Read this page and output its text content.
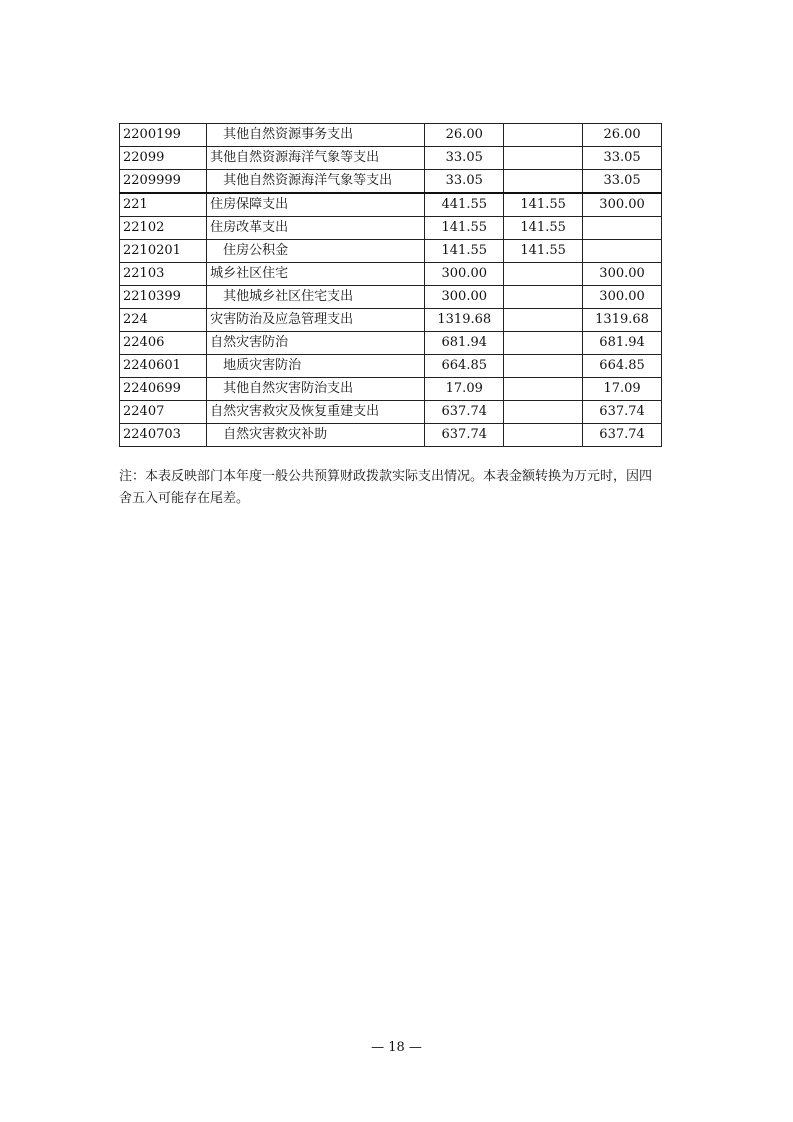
2200199	其他自然资源事务支出	26.00		26.00
22099	其他自然资源海洋气象等支出	33.05		33.05
2209999	其他自然资源海洋气象等支出	33.05		33.05
221	住房保障支出	441.55	141.55	300.00
22102	住房改革支出	141.55	141.55	
2210201	住房公积金	141.55	141.55	
22103	城乡社区住宅	300.00		300.00
2210399	其他城乡社区住宅支出	300.00		300.00
224	灾害防治及应急管理支出	1319.68		1319.68
22406	自然灾害防治	681.94		681.94
2240601	地质灾害防治	664.85		664.85
2240699	其他自然灾害防治支出	17.09		17.09
22407	自然灾害救灾及恢复重建支出	637.74		637.74
2240703	自然灾害救灾补助	637.74		637.74

注：本表反映部门本年度一般公共预算财政拨款实际支出情况。本表金额转换为万元时，因四舍五入可能存在尾差。

— 18 —
